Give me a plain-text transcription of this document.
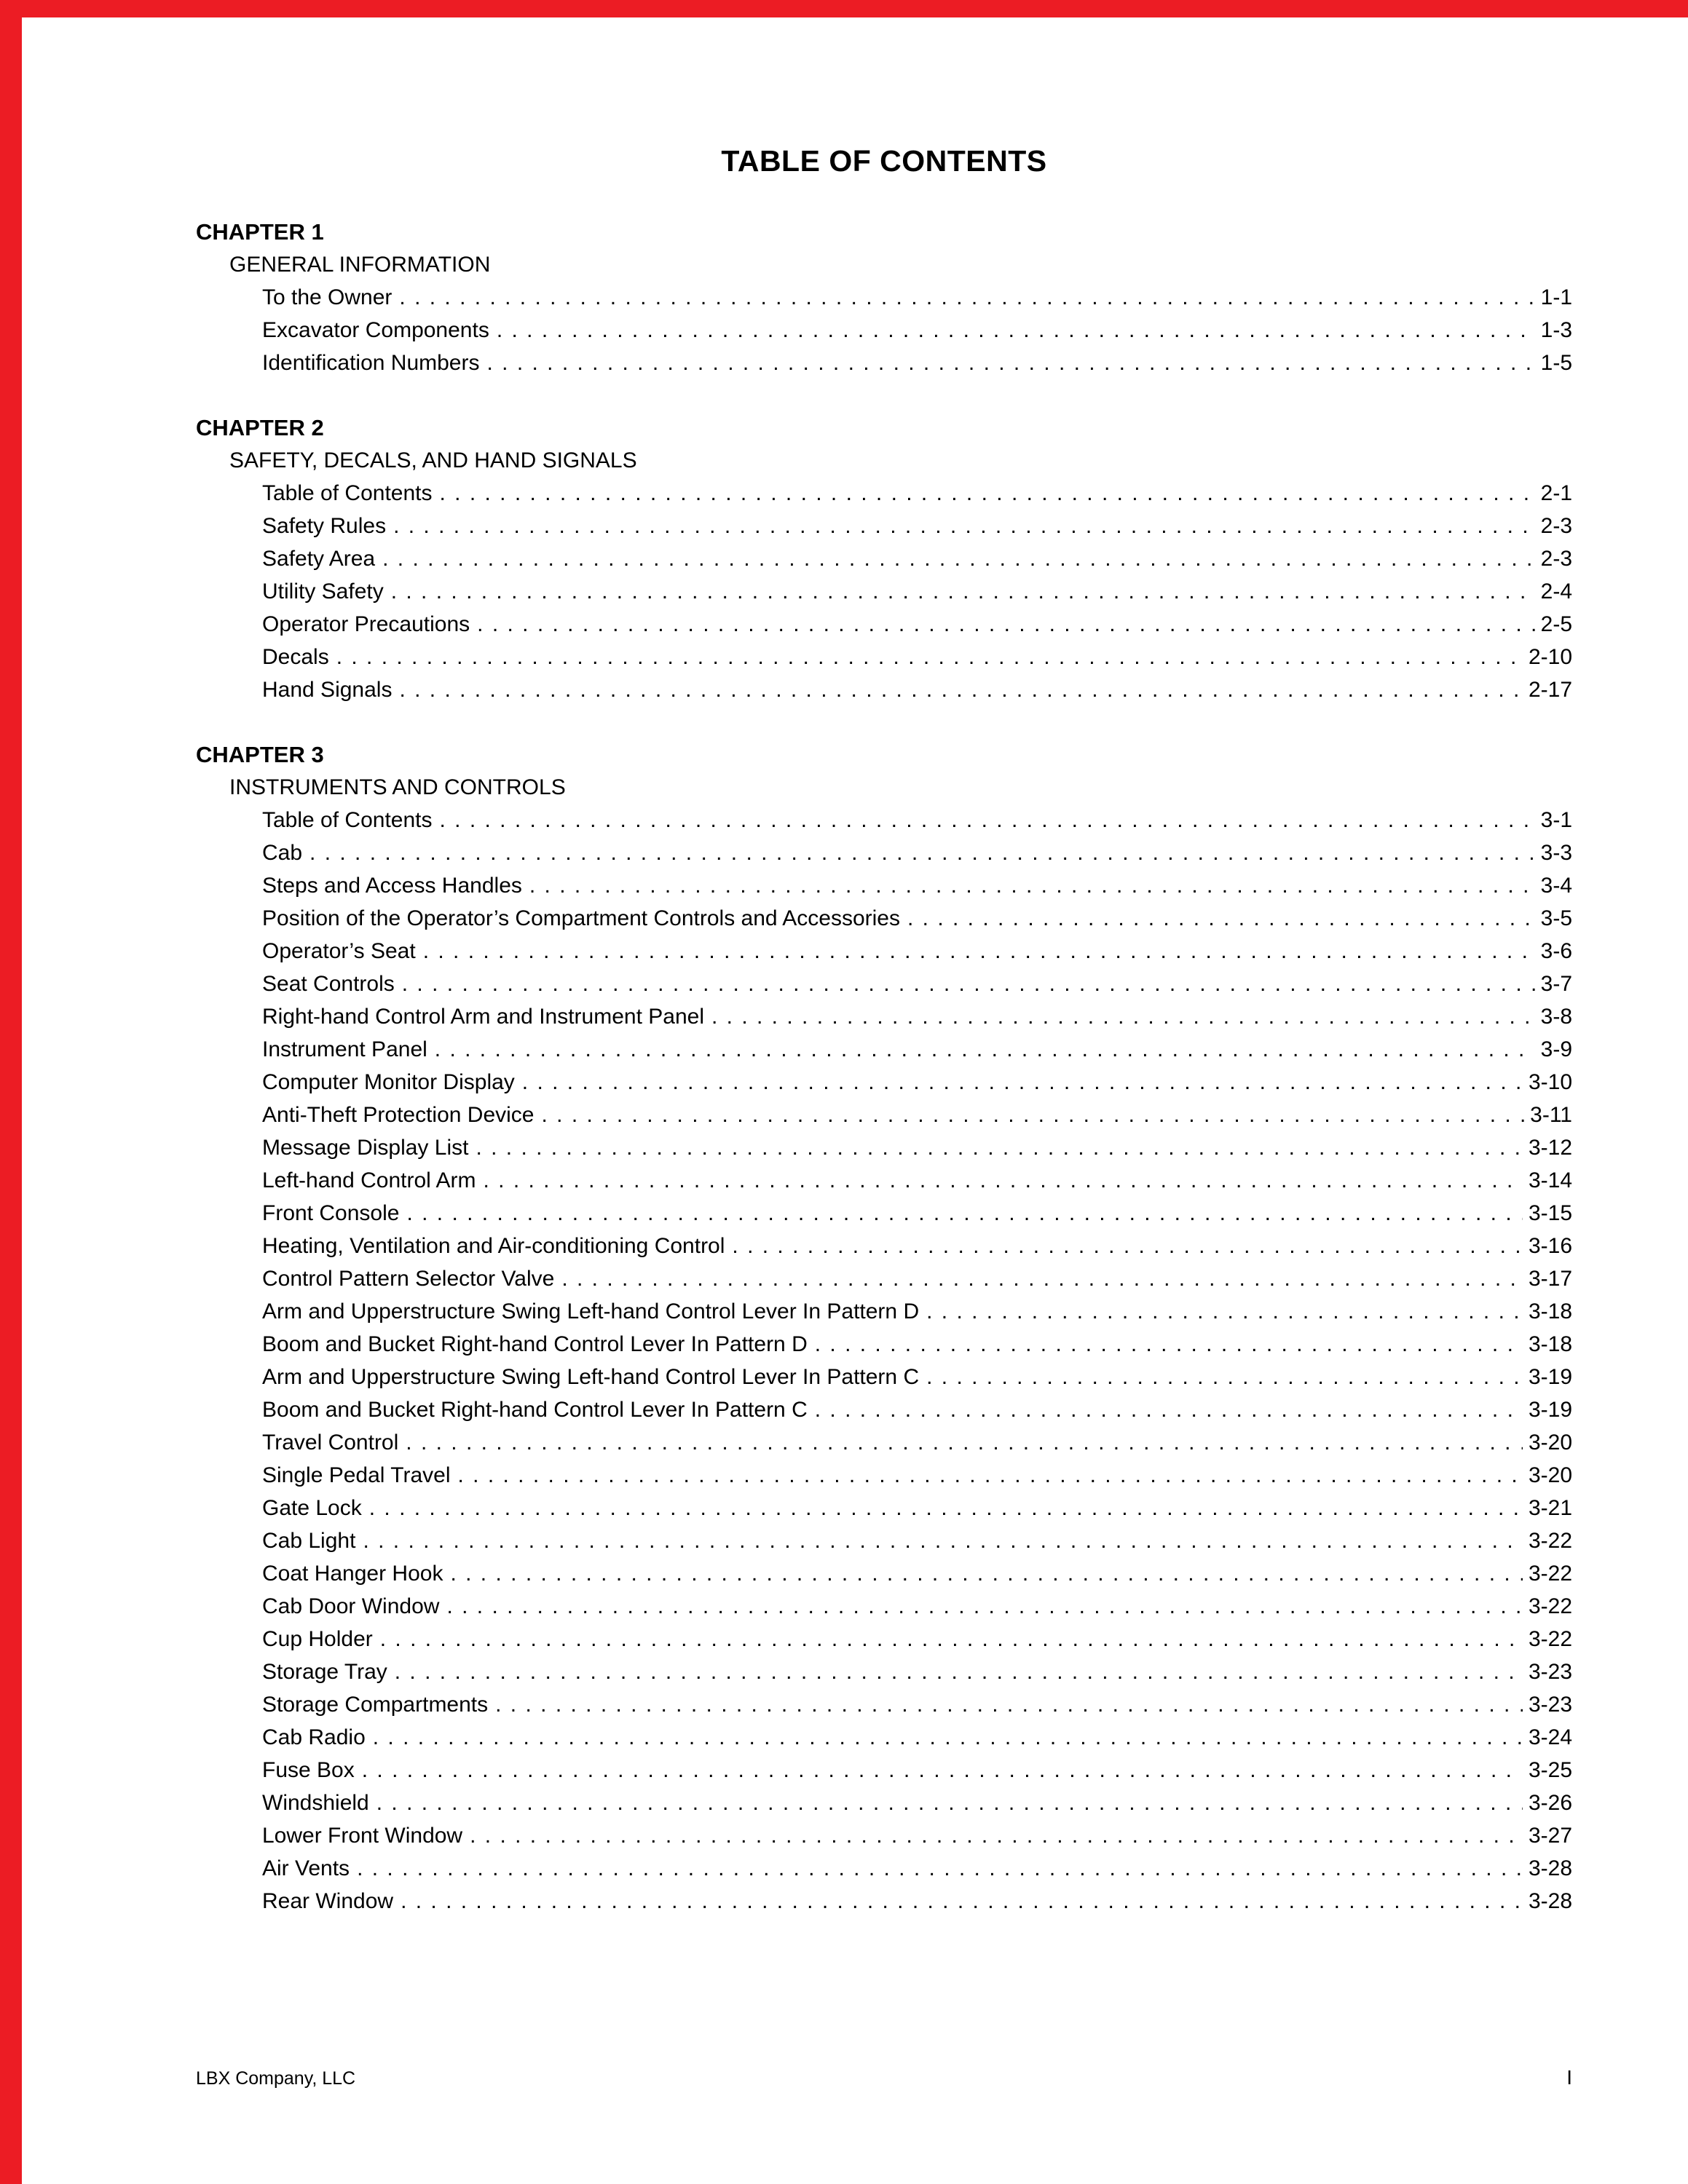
TABLE OF CONTENTS
CHAPTER 1
GENERAL INFORMATION
To the Owner . . .	1-1
Excavator Components . . .	1-3
Identification Numbers . . .	1-5
CHAPTER 2
SAFETY, DECALS, AND HAND SIGNALS
Table of Contents . . .	2-1
Safety Rules . . .	2-3
Safety Area . . .	2-3
Utility Safety . . .	2-4
Operator Precautions . . .	2-5
Decals . . .	2-10
Hand Signals . . .	2-17
CHAPTER 3
INSTRUMENTS AND CONTROLS
Table of Contents . . .	3-1
Cab . . .	3-3
Steps and Access Handles . . .	3-4
Position of the Operator’s Compartment Controls and Accessories . . .	3-5
Operator’s Seat . . .	3-6
Seat Controls . . .	3-7
Right-hand Control Arm and Instrument Panel . . .	3-8
Instrument Panel . . .	3-9
Computer Monitor Display . . .	3-10
Anti-Theft Protection Device . . .	3-11
Message Display List . . .	3-12
Left-hand Control Arm . . .	3-14
Front Console . . .	3-15
Heating, Ventilation and Air-conditioning Control . . .	3-16
Control Pattern Selector Valve . . .	3-17
Arm and Upperstructure Swing Left-hand Control Lever In Pattern D . . .	3-18
Boom and Bucket Right-hand Control Lever In Pattern D . . .	3-18
Arm and Upperstructure Swing Left-hand Control Lever In Pattern C . . .	3-19
Boom and Bucket Right-hand Control Lever In Pattern C . . .	3-19
Travel Control . . .	3-20
Single Pedal Travel . . .	3-20
Gate Lock . . .	3-21
Cab Light . . .	3-22
Coat Hanger Hook . . .	3-22
Cab Door Window . . .	3-22
Cup Holder . . .	3-22
Storage Tray . . .	3-23
Storage Compartments . . .	3-23
Cab Radio . . .	3-24
Fuse Box . . .	3-25
Windshield . . .	3-26
Lower Front Window . . .	3-27
Air Vents . . .	3-28
Rear Window . . .	3-28
LBX Company, LLC	I
